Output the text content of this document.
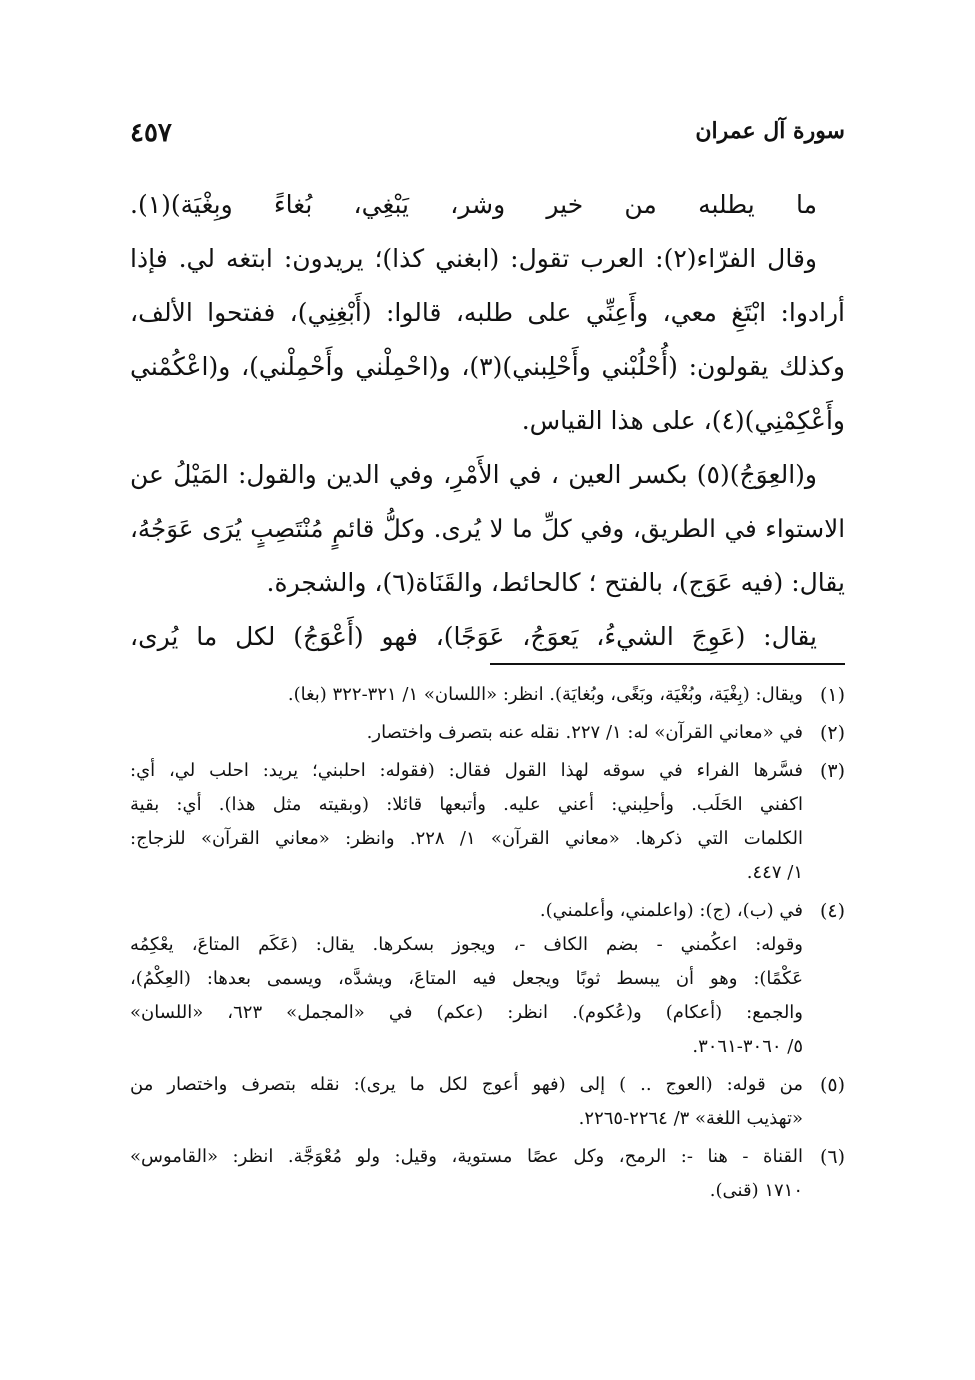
سورة آل عمران
٤٥٧
ما يطلبه من خير وشر، يَبْغِي، بُغاءً وبِغْيَة)(١).
وقال الفرّاء(٢): العرب تقول: (ابغني كذا)؛ يريدون: ابتغه لي. فإذا
أرادوا: ابْتَغِ معي، وأَعِنِّي على طلبه، قالوا: (أَبْغِنِي)، ففتحوا الألف،
وكذلك يقولون: (أُحْلُبْني وأَحْلِبني)(٣)، و(احْمِلْني وأَحْمِلْني)، و(اعْكُمْني
وأَعْكِمْنِي)(٤)، على هذا القياس.
و(العِوَجُ)(٥) بكسر العين ، في الأَمْرِ، وفي الدين والقول: المَيْلُ عن
الاستواء في الطريق، وفي كلِّ ما لا يُرى. وكلُّ قائمٍ مُنْتَصِبٍ يُرَى عَوَجُهُ،
يقال: (فيه عَوَج)، بالفتح ؛ كالحائط، والقَنَاة(٦)، والشجرة.
يقال: (عَوِجَ الشيءُ، يَعوَجُ، عَوَجًا)، فهو (أَعْوَجُ) لكل ما يُرى،
(١)
ويقال: (بِغْيَة، وبُغْيَة، وبَغًى، وبُغايَة). انظر: «اللسان» ١/ ٣٢١-٣٢٢ (بغا).
(٢)
في «معاني القرآن» له: ١/ ٢٢٧. نقله عنه بتصرف واختصار.
(٣)
فسَّرها الفراء في سوقه لهذا القول فقال: (فقوله: احلبني؛ يريد: احلب لي، أي:
اكفني الحَلَب. وأحلِبني: أعني عليه. وأتبعها قائلا: (وبقيته مثل هذا). أي: بقية
الكلمات التي ذكرها. «معاني القرآن» ١/ ٢٢٨. وانظر: «معاني القرآن» للزجاج:
١/ ٤٤٧.
(٤)
في (ب)، (ج): (واعلمني، وأعلمني).
وقوله: اعكُمني - بضم الكاف -، ويجوز بسكرها. يقال: (عَكَم المتاعَ، يعْكِمُه
عَكْمًا): وهو أن يبسط ثوبًا ويجعل فيه المتاعَ، ويشدَّه، ويسمى بعدها: (العِكْمُ)،
والجمع: (أعكام) و(عُكوم). انظر: (عكم) في «المجمل» ٦٢٣، «اللسان»
٥/ ٣٠٦٠-٣٠٦١.
(٥)
من قوله: (العوج .. ) إلى (فهو أعوج لكل ما يرى): نقله بتصرف واختصار من
«تهذيب اللغة» ٣/ ٢٢٦٤-٢٢٦٥.
(٦)
القناة - هنا -: الرمح، وكل عصًا مستوية، وقيل: ولو مُعْوَجَّة. انظر: «القاموس»
١٧١٠ (قنى).
